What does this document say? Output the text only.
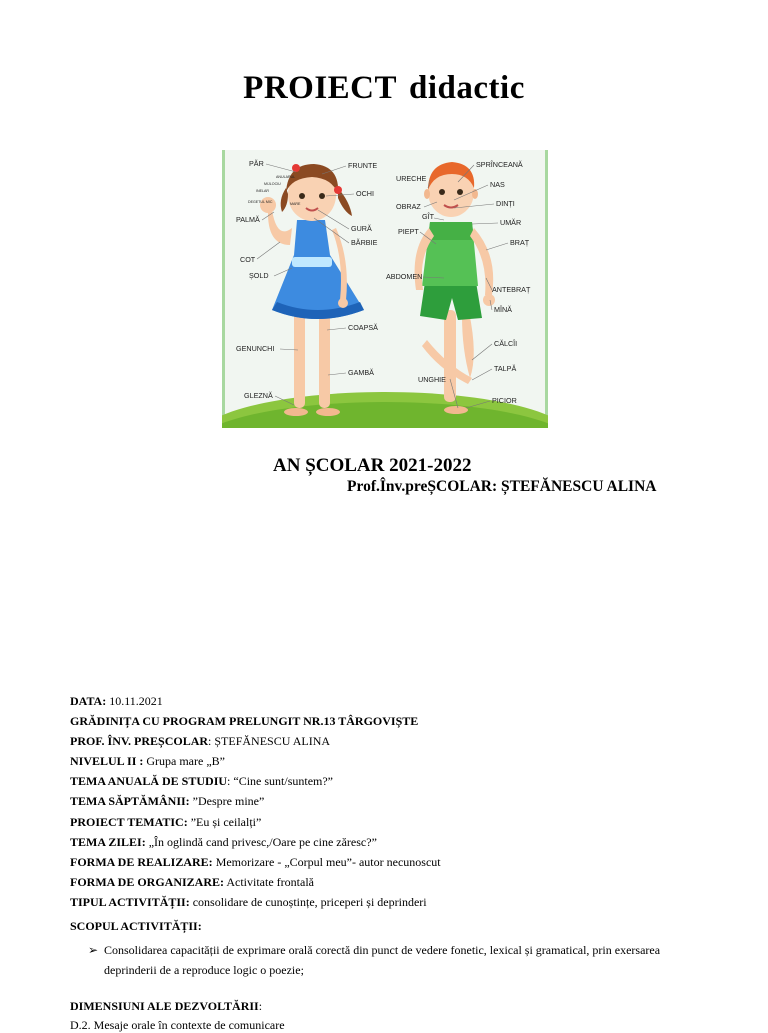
PROIECT didactic
PĂR	FRUNTE
ANULARUL
MIJLOCIU
INELAR
DEGETUL MIC	MARE
OCHI
PALMĂ
GURĂ
BĂRBIE
COT
ȘOLD
COAPSĂ
GENUNCHI
GAMBĂ
GLEZNĂ
SPRÎNCEANĂ
URECHE
NAS
OBRAZ	DINȚI
GÎT
UMĂR
PIEPT
BRAȚ
ABDOMEN
ANTEBRAȚ
MÎNĂ
CĂLCÎI
TALPĂ
UNGHIE
PICIOR
AN ȘCOLAR 2021-2022
Prof.Înv.preȘCOLAR: ȘTEFĂNESCU ALINA
DATA: 10.11.2021
GRĂDINIȚA CU PROGRAM PRELUNGIT NR.13 TÂRGOVIȘTE
PROF. ÎNV. PREȘCOLAR: ȘTEFĂNESCU ALINA
NIVELUL II : Grupa mare „B”
TEMA ANUALĂ DE STUDIU: “Cine sunt/suntem?”
TEMA SĂPTĂMÂNII: ”Despre mine”
PROIECT TEMATIC: ”Eu și ceilalți”
TEMA ZILEI: „În oglindă cand privesc,/Oare pe cine zăresc?”
FORMA DE REALIZARE: Memorizare - „Corpul meu”- autor necunoscut
FORMA DE ORGANIZARE: Activitate frontală
TIPUL ACTIVITĂȚII: consolidare de cunoștințe, priceperi și deprinderi
SCOPUL ACTIVITĂȚII:
➢ Consolidarea capacității de exprimare orală corectă din punct de vedere fonetic, lexical și gramatical, prin exersarea deprinderii de a reproduce logic o poezie;
DIMENSIUNI ALE DEZVOLTĂRII:
D.2. Mesaje orale în contexte de comunicare
